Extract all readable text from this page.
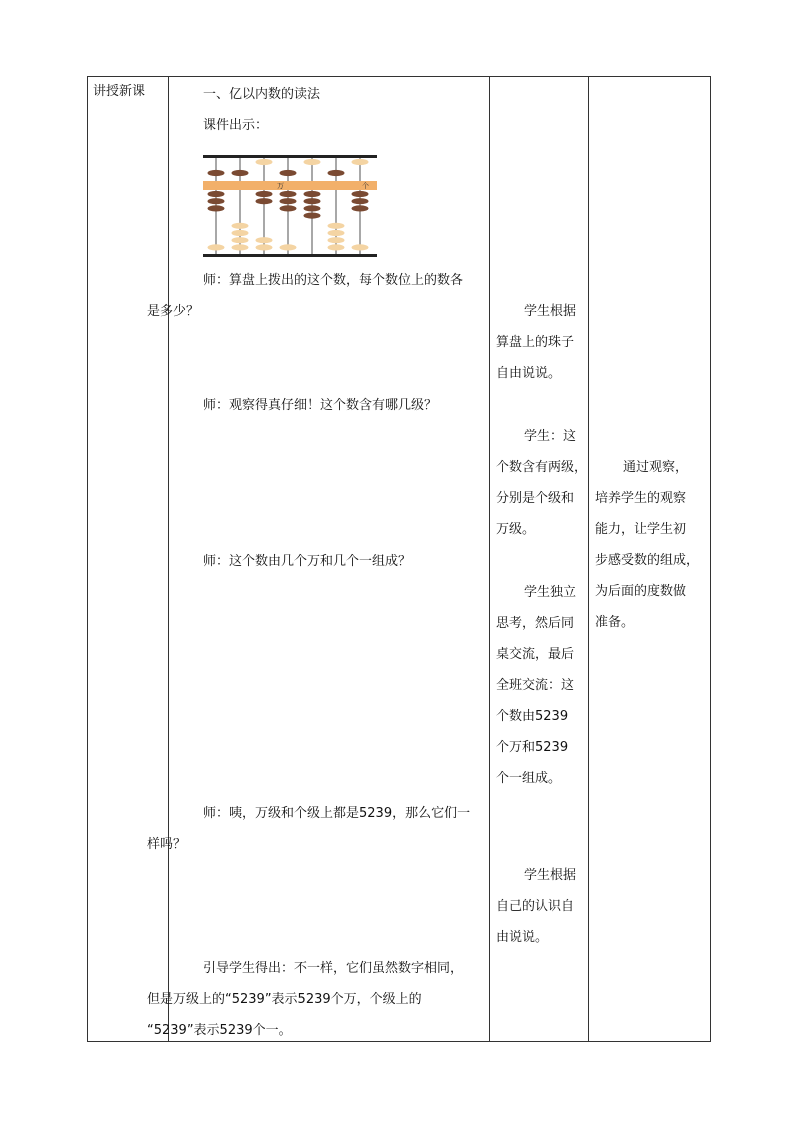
讲授新课	一、亿以内数的读法
课件出示：
万	个
师：算盘上拨出的这个数，每个数位上的数各
是多少？
师：观察得真仔细！这个数含有哪几级？
师：这个数由几个万和几个一组成？
师：咦，万级和个级上都是5239，那么它们一
样吗？
引导学生得出：不一样，它们虽然数字相同，
但是万级上的“5239”表示5239个万，个级上的
“5239”表示5239个一。

学生根据
算盘上的珠子
自由说说。
学生：这
个数含有两级，
分别是个级和
万级。
学生独立
思考，然后同
桌交流，最后
全班交流：这
个数由5239
个万和5239
个一组成。
学生根据
自己的认识自
由说说。

通过观察，
培养学生的观察
能力，让学生初
步感受数的组成，
为后面的度数做
准备。
